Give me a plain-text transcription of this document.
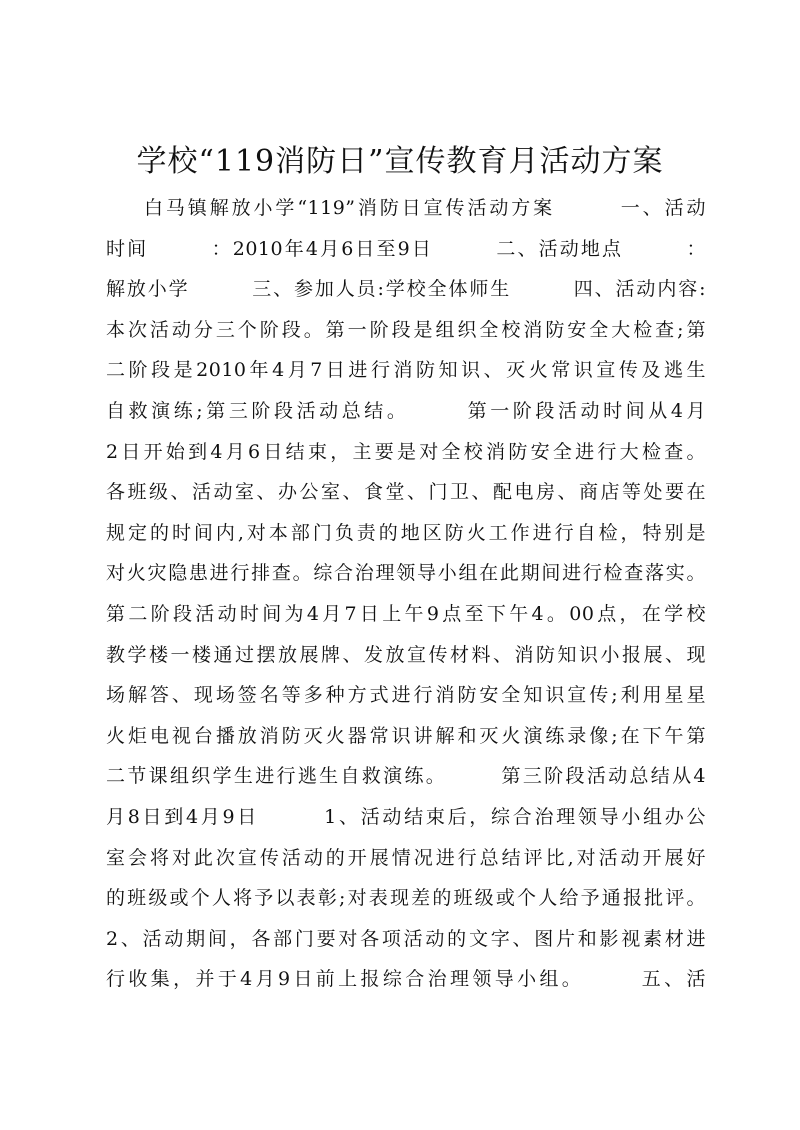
学校“119消防日”宣传教育月活动方案
白马镇解放小学“119”消防日宣传活动方案　　　一、活动
时间　　　：2010年4月6日至9日　　　二、活动地点　　　：
解放小学　　　三、参加人员:学校全体师生　　　四、活动内容:
本次活动分三个阶段。第一阶段是组织全校消防安全大检查;第
二阶段是2010年4月7日进行消防知识、灭火常识宣传及逃生
自救演练;第三阶段活动总结。　　　第一阶段活动时间从4月
2日开始到4月6日结束，主要是对全校消防安全进行大检查。
各班级、活动室、办公室、食堂、门卫、配电房、商店等处要在
规定的时间内,对本部门负责的地区防火工作进行自检，特别是
对火灾隐患进行排查。综合治理领导小组在此期间进行检查落实。
第二阶段活动时间为4月7日上午9点至下午4。00点，在学校
教学楼一楼通过摆放展牌、发放宣传材料、消防知识小报展、现
场解答、现场签名等多种方式进行消防安全知识宣传;利用星星
火炬电视台播放消防灭火器常识讲解和灭火演练录像;在下午第
二节课组织学生进行逃生自救演练。　　　第三阶段活动总结从4
月8日到4月9日　　　1、活动结束后，综合治理领导小组办公
室会将对此次宣传活动的开展情况进行总结评比,对活动开展好
的班级或个人将予以表彰;对表现差的班级或个人给予通报批评。
2、活动期间，各部门要对各项活动的文字、图片和影视素材进
行收集，并于4月9日前上报综合治理领导小组。　　　五、活
